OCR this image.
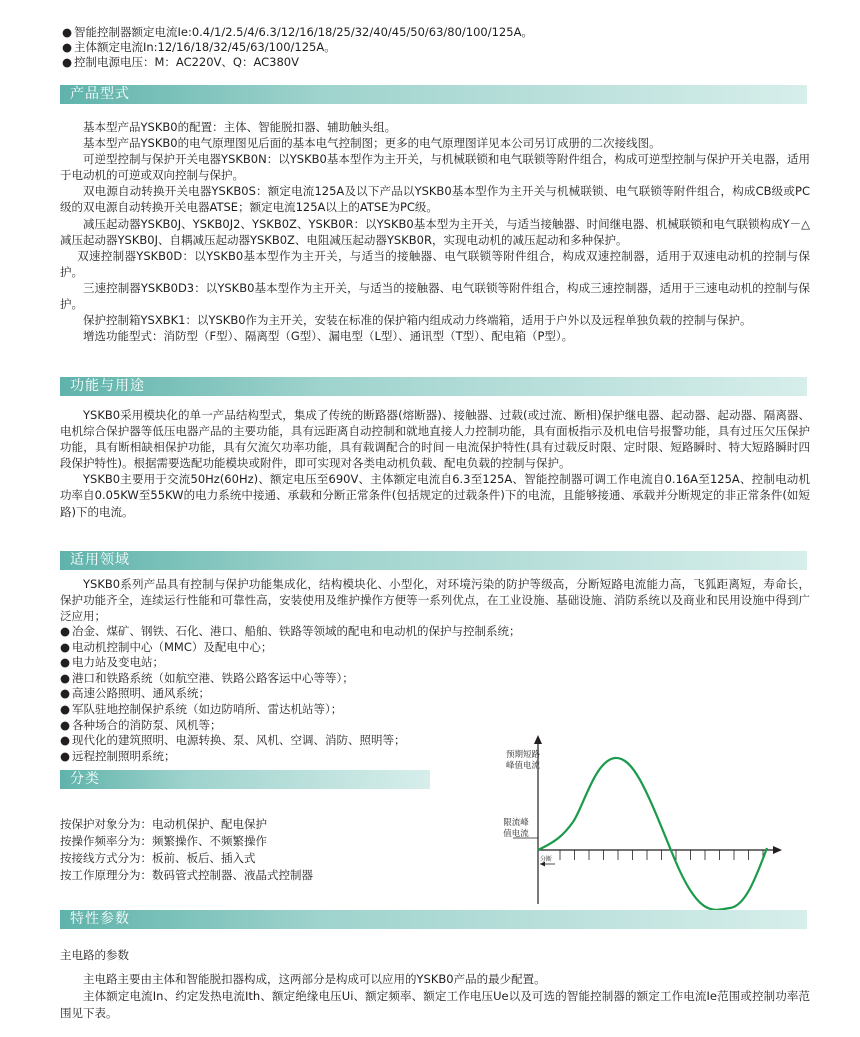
● 智能控制器额定电流Ie:0.4/1/2.5/4/6.3/12/16/18/25/32/40/45/50/63/80/100/125A。
● 主体额定电流In:12/16/18/32/45/63/100/125A。
● 控制电源电压：M：AC220V、Q：AC380V
产品型式

基本型产品YSKB0的配置：主体、智能脱扣器、辅助触头组。

基本型产品YSKB0的电气原理图见后面的基本电气控制图；更多的电气原理图详见本公司另订成册的二次接线图。

可逆型控制与保护开关电器YSKB0N：以YSKB0基本型作为主开关，与机械联锁和电气联锁等附件组合，构成可逆型控制与保护开关电器，适用于电动机的可逆或双向控制与保护。

双电源自动转换开关电器YSKB0S：额定电流125A及以下产品以YSKB0基本型作为主开关与机械联锁、电气联锁等附件组合，构成CB级或PC级的双电源自动转换开关电器ATSE；额定电流125A以上的ATSE为PC级。

减压起动器YSKB0J、YSKB0J2、YSKB0Z、YSKB0R：以YSKB0基本型为主开关，与适当接触器、时间继电器、机械联锁和电气联锁构成Y－△减压起动器YSKB0J、自耦减压起动器YSKB0Z、电阻减压起动器YSKB0R，实现电动机的减压起动和多种保护。

双速控制器YSKB0D：以YSKB0基本型作为主开关，与适当的接触器、电气联锁等附件组合，构成双速控制器，适用于双速电动机的控制与保护。

三速控制器YSKB0D3：以YSKB0基本型作为主开关，与适当的接触器、电气联锁等附件组合，构成三速控制器，适用于三速电动机的控制与保护。

保护控制箱YSXBK1：以YSKB0作为主开关，安装在标准的保护箱内组成动力终端箱，适用于户外以及远程单独负载的控制与保护。

增选功能型式：消防型（F型）、隔离型（G型）、漏电型（L型）、通讯型（T型）、配电箱（P型）。

功能与用途

YSKB0采用模块化的单一产品结构型式，集成了传统的断路器(熔断器)、接触器、过载(或过流、断相)保护继电器、起动器、起动器、隔离器、电机综合保护器等低压电器产品的主要功能，具有远距离自动控制和就地直接人力控制功能，具有面板指示及机电信号报警功能，具有过压欠压保护功能，具有断相缺相保护功能，具有欠流欠功率功能，具有载调配合的时间－电流保护特性(具有过载反时限、定时限、短路瞬时、特大短路瞬时四段保护特性)。根据需要选配功能模块或附件，即可实现对各类电动机负载、配电负载的控制与保护。

YSKB0主要用于交流50Hz(60Hz)、额定电压至690V、主体额定电流自6.3至125A、智能控制器可调工作电流自0.16A至125A、控制电动机功率自0.05KW至55KW的电力系统中接通、承载和分断正常条件(包括规定的过载条件)下的电流，且能够接通、承载并分断规定的非正常条件(如短路)下的电流。

适用领域

YSKB0系列产品具有控制与保护功能集成化，结构模块化、小型化，对环境污染的防护等级高，分断短路电流能力高，飞狐距离短，寿命长，保护功能齐全，连续运行性能和可靠性高，安装使用及维护操作方便等一系列优点，在工业设施、基础设施、消防系统以及商业和民用设施中得到广泛应用；

● 冶金、煤矿、钢铁、石化、港口、船舶、铁路等领域的配电和电动机的保护与控制系统；
● 电动机控制中心（MMC）及配电中心；
● 电力站及变电站；
● 港口和铁路系统（如航空港、铁路公路客运中心等等）；
● 高速公路照明、通风系统；
● 军队驻地控制保护系统（如边防哨所、雷达机站等）；
● 各种场合的消防泵、风机等；
● 现代化的建筑照明、电源转换、泵、风机、空调、消防、照明等；
● 远程控制照明系统；
分类
按保护对象分为：电动机保护、配电保护
按操作频率分为：频繁操作、不频繁操作
按接线方式分为：板前、板后、插入式
按工作原理分为：数码管式控制器、液晶式控制器
预期短路
峰值电流
限流峰
值电流
分断
特性参数
主电路的参数

主电路主要由主体和智能脱扣器构成，这两部分是构成可以应用的YSKB0产品的最少配置。

主体额定电流In、约定发热电流Ith、额定绝缘电压Ui、额定频率、额定工作电压Ue以及可选的智能控制器的额定工作电流Ie范围或控制功率范围见下表。
